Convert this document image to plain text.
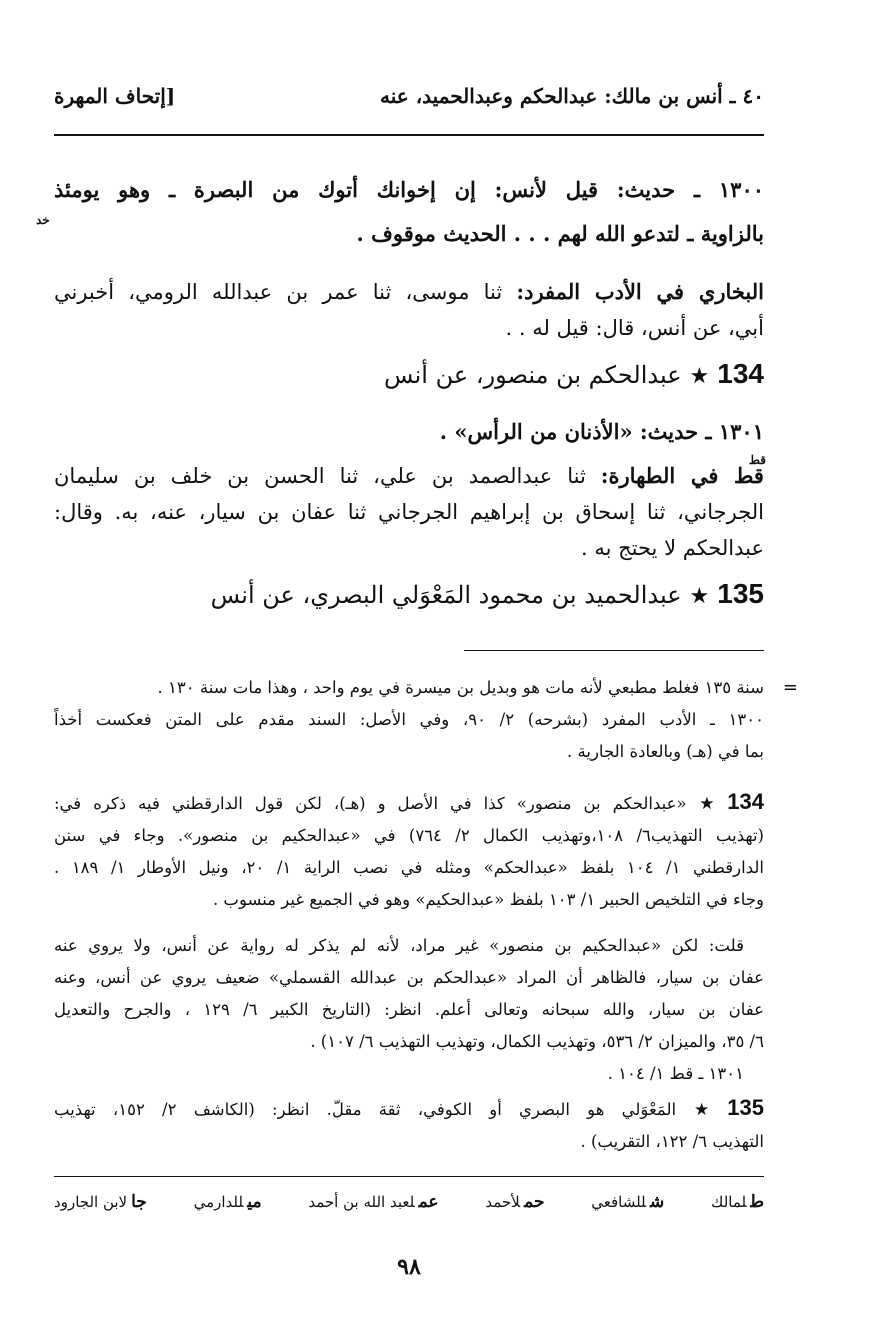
٤٠ ـ أنس بن مالك: عبدالحكم وعبدالحميد، عنه
[إتحاف المهرة
١٣٠٠ ـ حديث: قيل لأنس: إن إخوانك أتوك من البصرة ـ وهو يومئذ
خد
بالزاوية ـ لتدعو الله لهم . . . الحديث موقوف .
البخاري في الأدب المفرد: ثنا موسى، ثنا عمر بن عبدالله الرومي، أخبرني
أبي، عن أنس، قال: قيل له . .
134★عبدالحكم بن منصور، عن أنس
١٣٠١ ـ حديث: «الأذنان من الرأس» .
قط
قط في الطهارة: ثنا عبدالصمد بن علي، ثنا الحسن بن خلف بن سليمان
الجرجاني، ثنا إسحاق بن إبراهيم الجرجاني ثنا عفان بن سيار، عنه، به. وقال:
عبدالحكم لا يحتج به .
135★عبدالحميد بن محمود المَعْوَلي البصري، عن أنس
=
سنة ١٣٥ فغلط مطبعي لأنه مات هو وبديل بن ميسرة في يوم واحد ، وهذا مات سنة ١٣٠ .
١٣٠٠ ـ الأدب المفرد (بشرحه) ٢/ ٩٠، وفي الأصل: السند مقدم على المتن فعكست أخذاً
بما في (هـ) وبالعادة الجارية .
134★«عبدالحكم بن منصور» كذا في الأصل و (هـ)، لكن قول الدارقطني فيه ذكره في:
(تهذيب التهذيب٦/ ١٠٨،وتهذيب الكمال ٢/ ٧٦٤) في «عبدالحكيم بن منصور». وجاء في سنن
الدارقطني ١/ ١٠٤ بلفظ «عبدالحكم» ومثله في نصب الراية ١/ ٢٠، ونيل الأوطار ١/ ١٨٩ .
وجاء في التلخيص الحبير ١/ ١٠٣ بلفظ «عبدالحكيم» وهو في الجميع غير منسوب .
قلت: لكن «عبدالحكيم بن منصور» غير مراد، لأنه لم يذكر له رواية عن أنس، ولا يروي عنه
عفان بن سيار، فالظاهر أن المراد «عبدالحكم بن عبدالله القسملي» ضعيف يروي عن أنس، وعنه
عفان بن سيار، والله سبحانه وتعالى أعلم. انظر: (التاريخ الكبير ٦/ ١٢٩ ، والجرح والتعديل
٦/ ٣٥، والميزان ٢/ ٥٣٦، وتهذيب الكمال، وتهذيب التهذيب ٦/ ١٠٧) .
١٣٠١ ـ قط ١/ ١٠٤ .
135★المَعْوَلي هو البصري أو الكوفي، ثقة مقلّ. انظر: (الكاشف ٢/ ١٥٢، تهذيب
التهذيب ٦/ ١٢٢، التقريب) .
طلمالك
شللشافعي
حملأحمد
عملعبد الله بن أحمد
ميللدارمي
جالابن الجارود
٩٨
